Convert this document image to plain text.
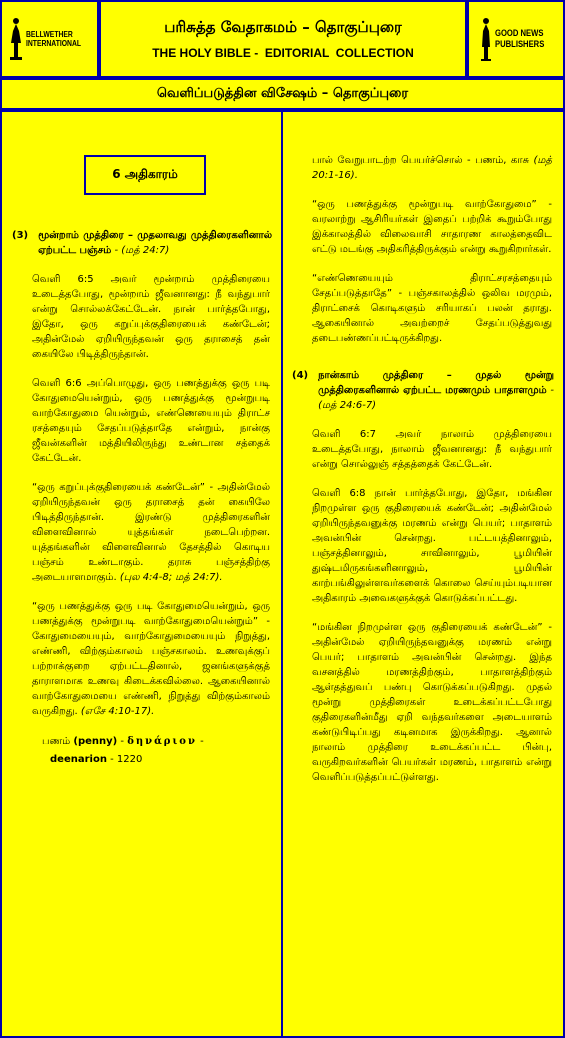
BELLWETHER
INTERNATIONAL
பரிசுத்த வேதாகமம் – தொகுப்புரை
THE HOLY BIBLE -  EDITORIAL  COLLECTION
GOOD NEWS
PUBLISHERS
வெளிப்படுத்தின விசேஷம் – தொகுப்புரை
6 அதிகாரம்
(3) மூன்றாம் முத்திரை – முதலாவது முத்திரைகளினால் ஏற்பட்ட பஞ்சம் - (மத் 24:7)

வெளி 6:5 அவர் மூன்றாம் முத்திரையை உடைத்தபோது, மூன்றாம் ஜீவனானது: நீ வந்துபார் என்று சொல்லக்கேட்டேன். நான் பார்த்தபோது, இதோ, ஒரு கறுப்புக்குதிரையைக் கண்டேன்; அதின்மேல் ஏறியிருந்தவன் ஒரு தராசைத் தன் கையிலே பிடித்திருந்தான்.

வெளி 6:6 அப்பொழுது, ஒரு பணத்துக்கு ஒரு படி கோதுமையென்றும், ஒரு பணத்துக்கு மூன்றுபடி வாற்கோதுமை யென்றும், எண்ணெயையும் திராட்ச ரசத்தையும் சேதப்படுத்தாதே என்றும், நான்கு ஜீவன்களின் மத்தியிலிருந்து உண்டான சத்தைக் கேட்டேன்.

“ஒரு கறுப்புக்குதிரையைக் கண்டேன்” - அதின்மேல் ஏறியிருந்தவன் ஒரு தராசைத் தன் கையிலே பிடித்திருந்தான். இரண்டு முத்திரைகளின் விளைவினால் யுத்தங்கள் நடைபெற்றன. யுத்தங்களின் விளைவினால் தேசத்தில் கொடிய பஞ்சம் உண்டாகும். தராசு பஞ்சத்திற்கு அடையாளமாகும். (புல 4:4-8; மத் 24:7).

“ஒரு பணத்துக்கு ஒரு படி கோதுமையென்றும், ஒரு பணத்துக்கு மூன்றுபடி வாற்கோதுமையென்றும்” - கோதுமையையும், வாற்கோதுமையையும் நிறுத்து, எண்ணி, விற்கும்காலம் பஞ்சகாலம். உணவுக்குப் பற்றாக்குறை ஏற்பட்டதினால், ஜனங்களுக்குத் தாராளமாக உணவு கிடைக்கவில்லை. ஆகையினால் வாற்கோதுமையை எண்ணி, நிறுத்து விற்கும்காலம் வருகிறது. (எசே 4:10-17).

பணம் (penny) - δηνάριον -
deenarion - 1220

பால் வேறுபாடற்ற பெயர்ச்சொல் - பணம், காசு (மத் 20:1-16).

“ஒரு பணத்துக்கு மூன்றுபடி வாற்கோதுமை” - வரலாற்று ஆசிரியர்கள் இதைப் பற்றிக் கூறும்போது இக்காலத்தில் விலைவாசி சாதாரண காலத்தைவிட எட்டு மடங்கு அதிகரித்திருக்கும் என்று கூறுகிறார்கள்.

“எண்ணெயையும் திராட்சரசத்தையும் சேதப்படுத்தாதே” - பஞ்சகாலத்தில் ஒலிவ மரமும், திராட்சைக் கொடிகளும் சரியாகப் பலன் தராது. ஆகையினால் அவற்றைச் சேதப்படுத்துவது தடைபண்ணப்பட்டிருக்கிறது.

(4) நான்காம் முத்திரை – முதல் மூன்று முத்திரைகளினால் ஏற்பட்ட மரணமும் பாதாளமும் - (மத் 24:6-7)

வெளி 6:7 அவர் நாலாம் முத்திரையை உடைத்தபோது, நாலாம் ஜீவனானது: நீ வந்துபார் என்று சொல்லுஞ் சத்தத்தைக் கேட்டேன்.

வெளி 6:8 நான் பார்த்தபோது, இதோ, மங்கின நிறமுள்ள ஒரு குதிரையைக் கண்டேன்; அதின்மேல் ஏறியிருந்தவனுக்கு மரணம் என்று பெயர்; பாதாளம் அவன்பின் சென்றது. பட்டயத்தினாலும், பஞ்சத்தினாலும், சாவினாலும், பூமியின் துஷ்டமிருகங்களினாலும், பூமியின் காற்பங்கிலுள்ளவர்களைக் கொலை செய்யும்படியான அதிகாரம் அவைகளுக்குக் கொடுக்கப்பட்டது.

“மங்கின நிறமுள்ள ஒரு குதிரையைக் கண்டேன்” - அதின்மேல் ஏறியிருந்தவனுக்கு மரணம் என்று பெயர்; பாதாளம் அவன்பின் சென்றது. இந்த வசனத்தில் மரணத்திற்கும், பாதாளத்திற்கும் ஆள்தத்துவப் பண்பு கொடுக்கப்படுகிறது. முதல் மூன்று முத்திரைகள் உடைக்கப்பட்டபோது குதிரைகளின்மீது ஏறி வந்தவர்களை அடையாளம் கண்டுபிடிப்பது கடினமாக இருக்கிறது. ஆனால் நாலாம் முத்திரை உடைக்கப்பட்ட பின்பு, வருகிறவர்களின் பெயர்கள் மரணம், பாதாளம் என்று வெளிப்படுத்தப்பட்டுள்ளது.
